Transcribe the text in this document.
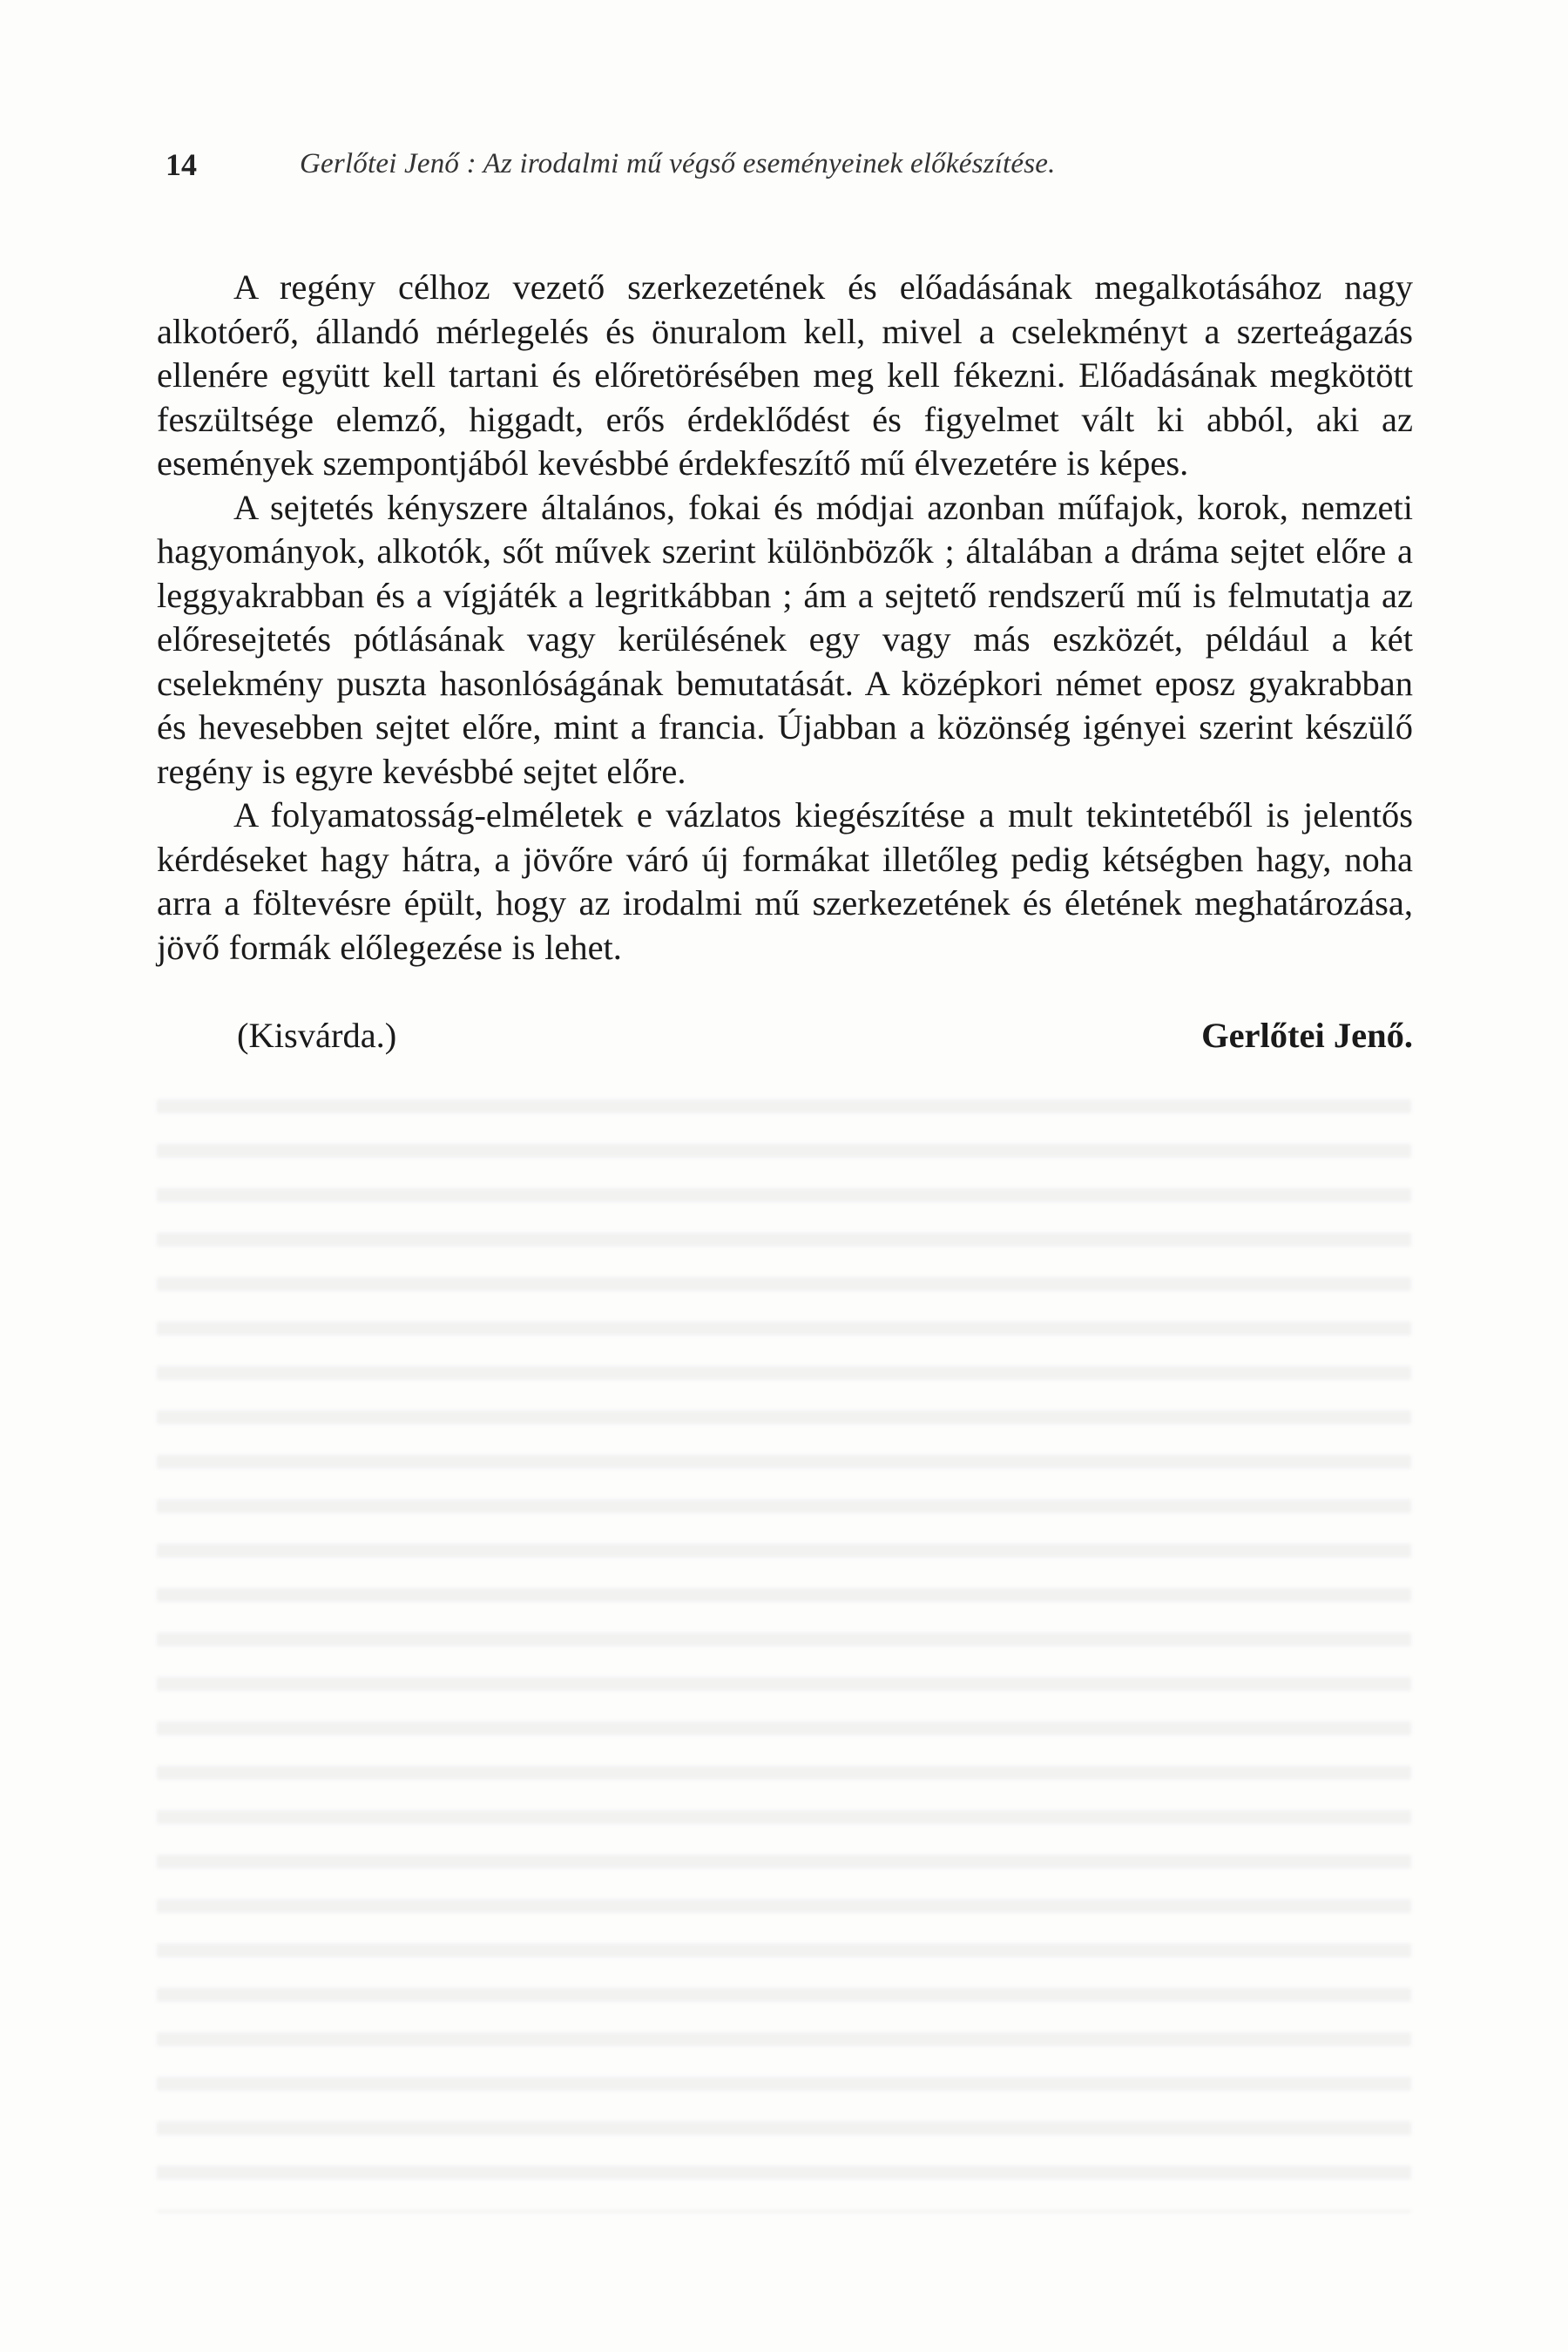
14	Gerlőtei Jenő : Az irodalmi mű végső eseményeinek előkészítése.

A regény célhoz vezető szerkezetének és előadásának megalkotásához nagy alkotóerő, állandó mérlegelés és önuralom kell, mivel a cselekményt a szerteágazás ellenére együtt kell tartani és előretörésében meg kell fékezni. Előadásának megkötött feszültsége elemző, higgadt, erős érdeklődést és figyelmet vált ki abból, aki az események szempontjából kevésbbé érdekfeszítő mű élvezetére is képes.

A sejtetés kényszere általános, fokai és módjai azonban műfajok, korok, nemzeti hagyományok, alkotók, sőt művek szerint különbözők ; általában a dráma sejtet előre a leggyakrabban és a vígjáték a legritkábban ; ám a sejtető rendszerű mű is felmutatja az előresejtetés pótlásának vagy kerülésének egy vagy más eszközét, például a két cselekmény puszta hasonlóságának bemutatását. A középkori német eposz gyakrabban és hevesebben sejtet előre, mint a francia. Újabban a közönség igényei szerint készülő regény is egyre kevésbbé sejtet előre.

A folyamatosság-elméletek e vázlatos kiegészítése a mult tekintetéből is jelentős kérdéseket hagy hátra, a jövőre váró új formákat illetőleg pedig kétségben hagy, noha arra a föltevésre épült, hogy az irodalmi mű szerkezetének és életének meghatározása, jövő formák előlegezése is lehet.

(Kisvárda.)	Gerlőtei Jenő.
